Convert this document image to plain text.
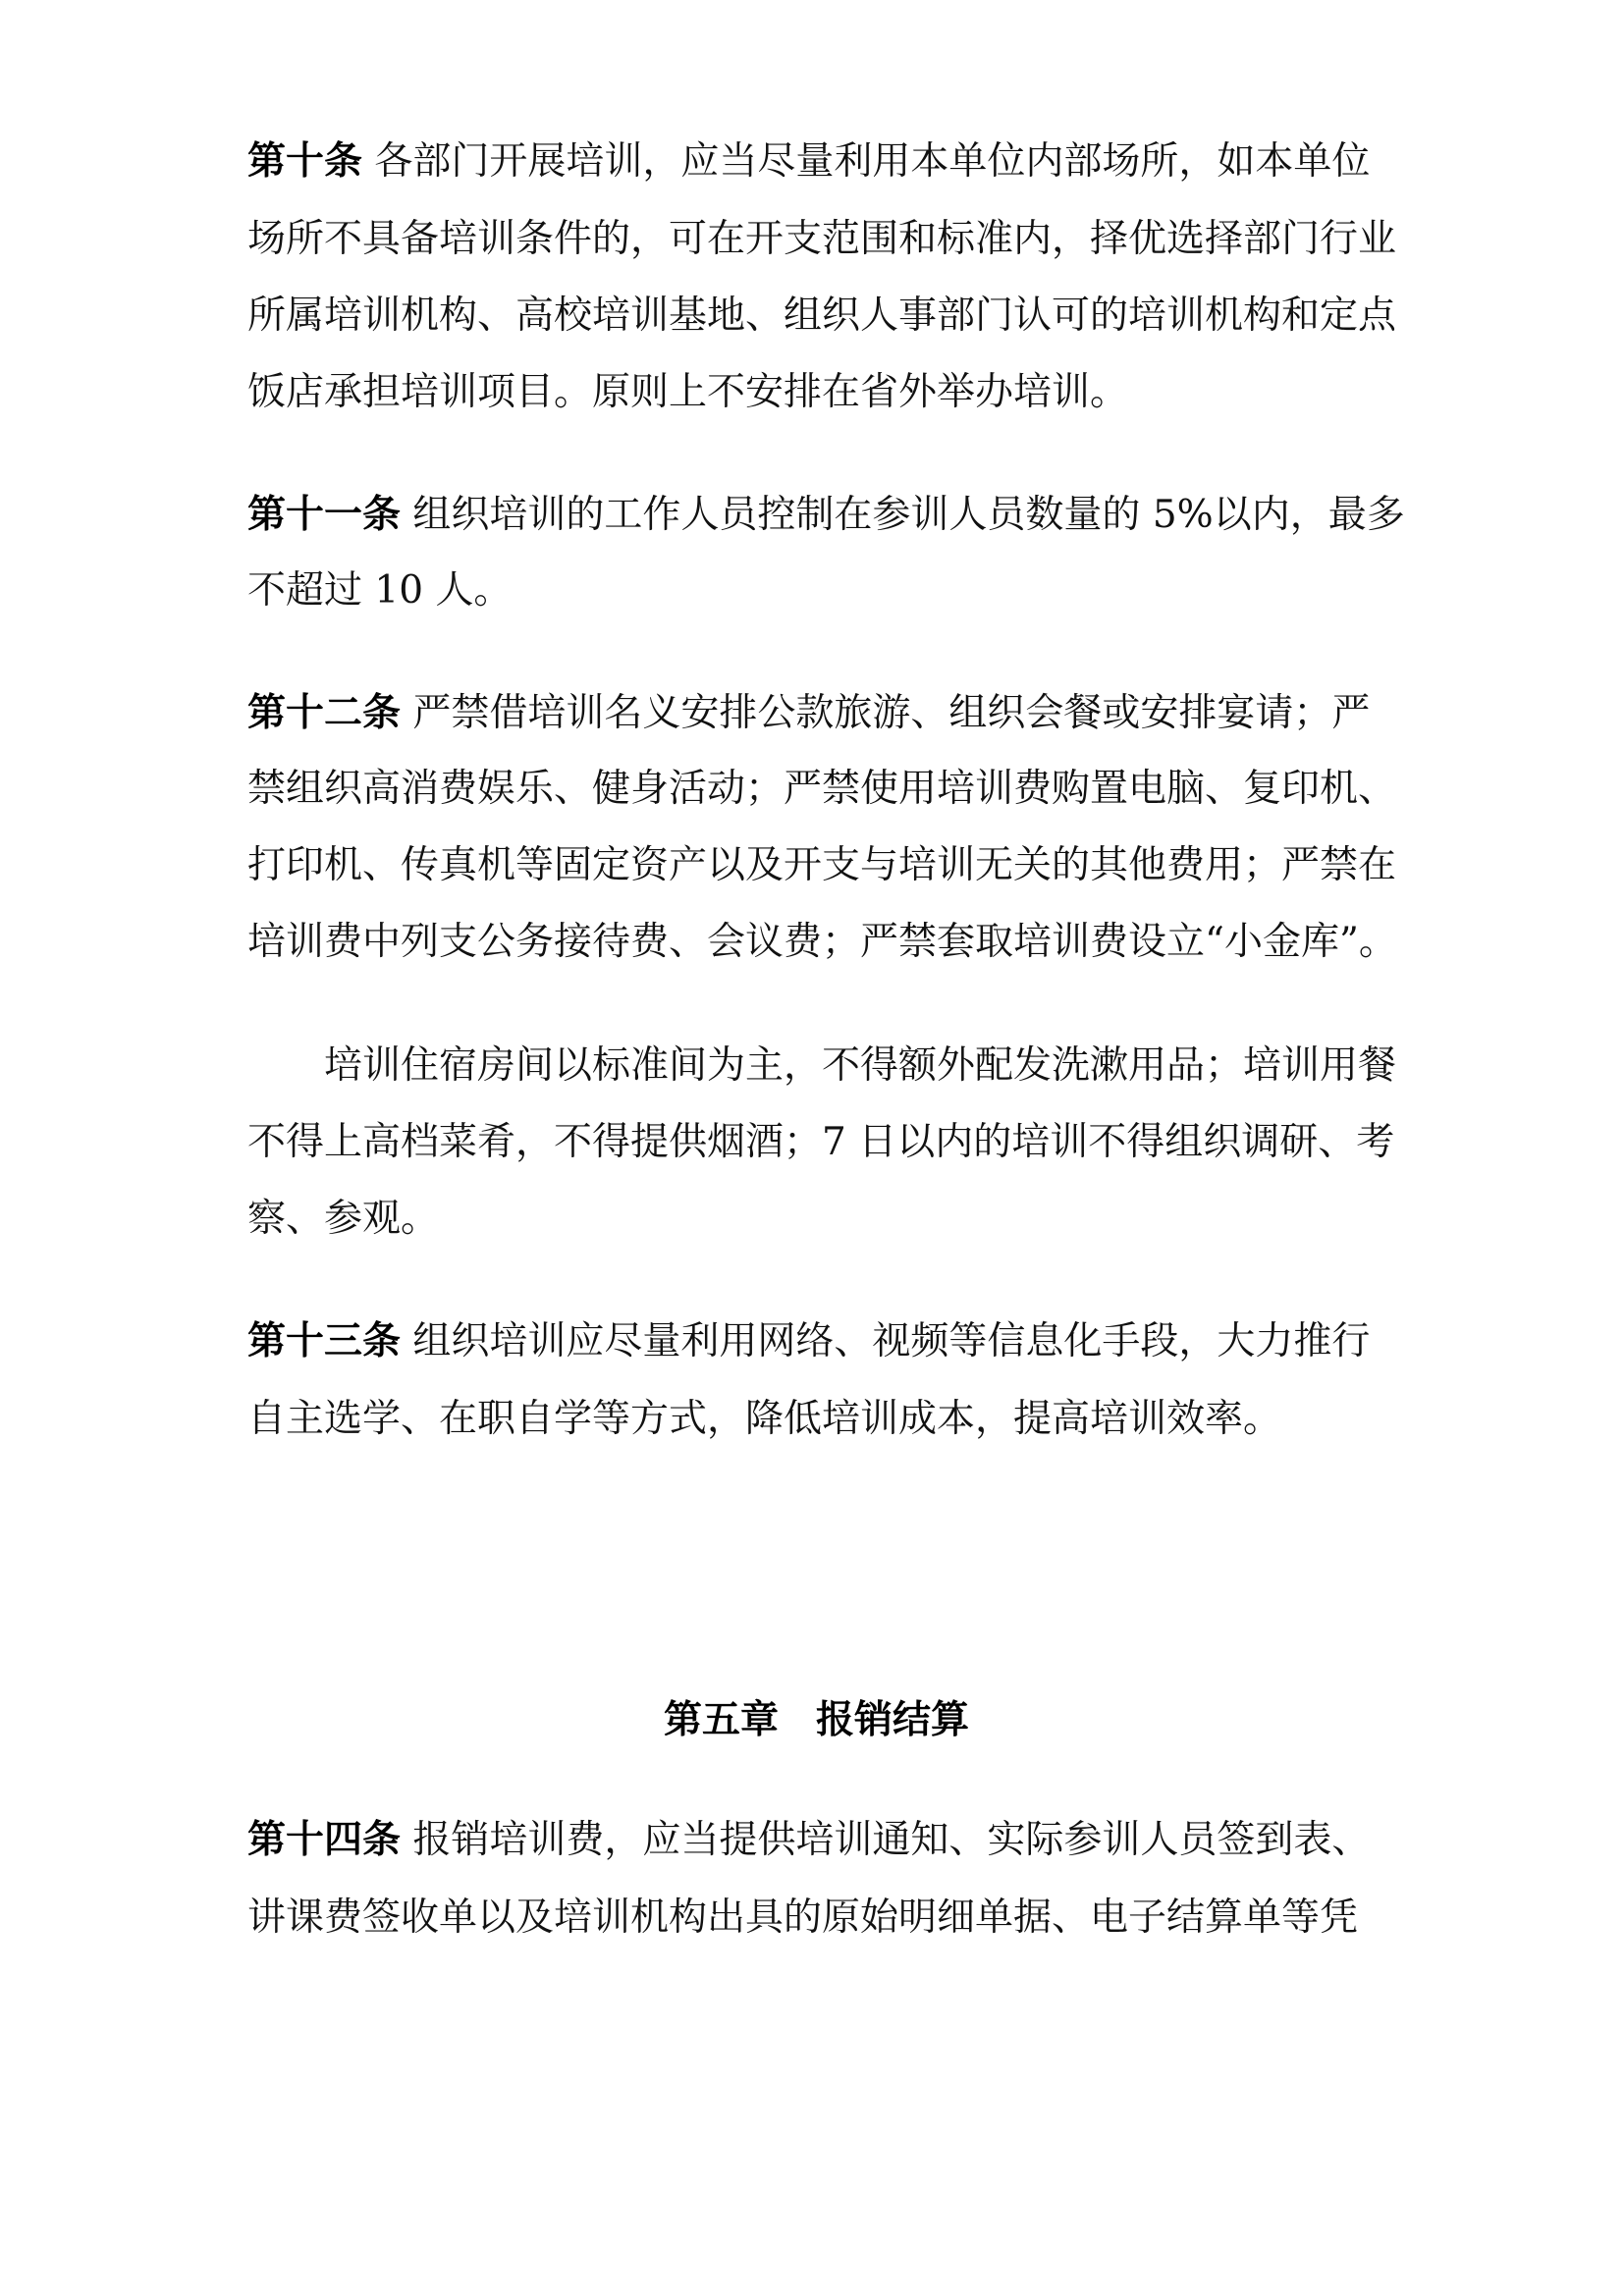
第十条 各部门开展培训，应当尽量利用本单位内部场所，如本单位
场所不具备培训条件的，可在开支范围和标准内，择优选择部门行业
所属培训机构、高校培训基地、组织人事部门认可的培训机构和定点
饭店承担培训项目。原则上不安排在省外举办培训。
第十一条 组织培训的工作人员控制在参训人员数量的 5%以内，最多
不超过 10 人。
第十二条 严禁借培训名义安排公款旅游、组织会餐或安排宴请；严
禁组织高消费娱乐、健身活动；严禁使用培训费购置电脑、复印机、
打印机、传真机等固定资产以及开支与培训无关的其他费用；严禁在
培训费中列支公务接待费、会议费；严禁套取培训费设立“小金库”。
培训住宿房间以标准间为主，不得额外配发洗漱用品；培训用餐
不得上高档菜肴，不得提供烟酒；7 日以内的培训不得组织调研、考
察、参观。
第十三条 组织培训应尽量利用网络、视频等信息化手段，大力推行
自主选学、在职自学等方式，降低培训成本，提高培训效率。
第五章 报销结算
第十四条 报销培训费，应当提供培训通知、实际参训人员签到表、
讲课费签收单以及培训机构出具的原始明细单据、电子结算单等凭
